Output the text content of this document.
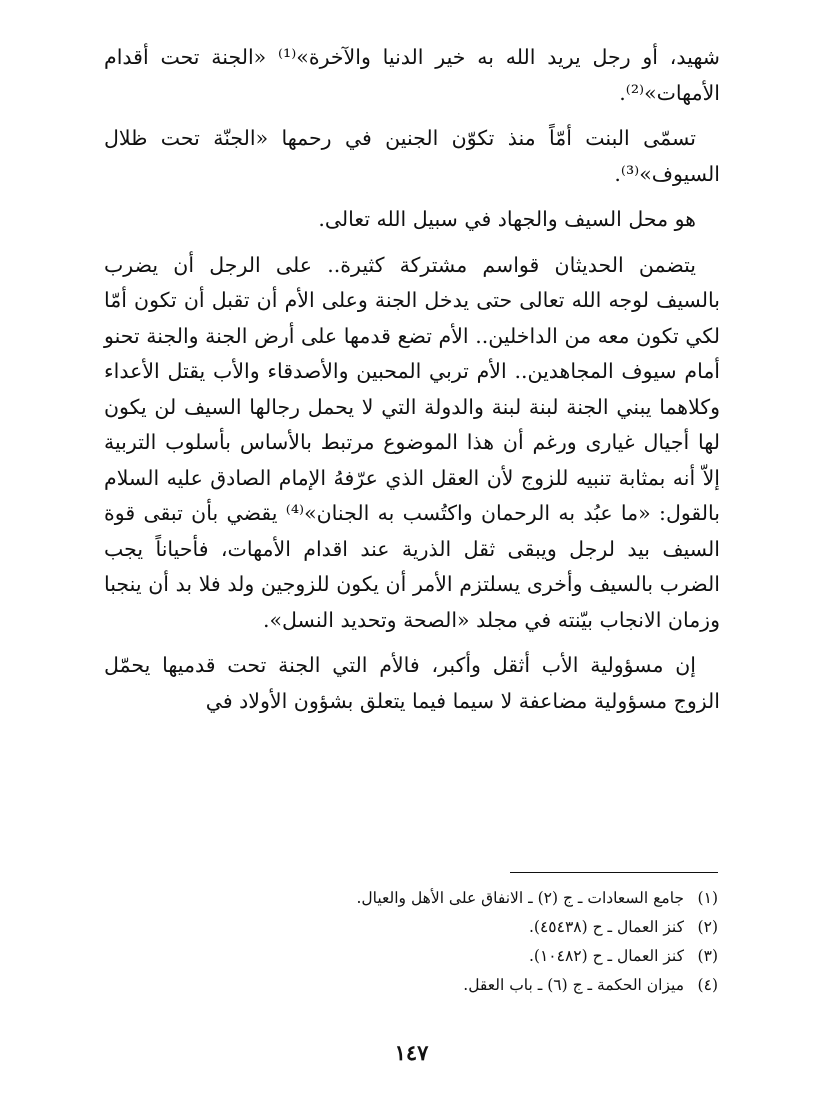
شهيد، أو رجل يريد الله به خير الدنيا والآخرة»⁽¹⁾ «الجنة تحت أقدام الأمهات»⁽²⁾.

تسمّى البنت أمّاً منذ تكوّن الجنين في رحمها «الجنّة تحت ظلال السيوف»⁽³⁾.

هو محل السيف والجهاد في سبيل الله تعالى.

يتضمن الحديثان قواسم مشتركة كثيرة.. على الرجل أن يضرب بالسيف لوجه الله تعالى حتى يدخل الجنة وعلى الأم أن تقبل أن تكون أمّا لكي تكون معه من الداخلين.. الأم تضع قدمها على أرض الجنة والجنة تحنو أمام سيوف المجاهدين.. الأم تربي المحبين والأصدقاء والأب يقتل الأعداء وكلاهما يبني الجنة لبنة لبنة والدولة التي لا يحمل رجالها السيف لن يكون لها أجيال غيارى ورغم أن هذا الموضوع مرتبط بالأساس بأسلوب التربية إلاّ أنه بمثابة تنبيه للزوج لأن العقل الذي عرّفهُ الإمام الصادق عليه السلام بالقول: «ما عبُد به الرحمان واكتُسب به الجنان»⁽⁴⁾ يقضي بأن تبقى قوة السيف بيد لرجل ويبقى ثقل الذرية عند اقدام الأمهات، فأحياناً يجب الضرب بالسيف وأخرى يسلتزم الأمر أن يكون للزوجين ولد فلا بد أن ينجبا وزمان الانجاب بيّنته في مجلد «الصحة وتحديد النسل».

إن مسؤولية الأب أثقل وأكبر، فالأم التي الجنة تحت قدميها يحمّل الزوج مسؤولية مضاعفة لا سيما فيما يتعلق بشؤون الأولاد في

(١)جامع السعادات ـ ج (٢) ـ الانفاق على الأهل والعيال.
(٢)كنز العمال ـ ح (٤٥٤٣٨).
(٣)كنز العمال ـ ح (١٠٤٨٢).
(٤)ميزان الحكمة ـ ج (٦) ـ باب العقل.
١٤٧
